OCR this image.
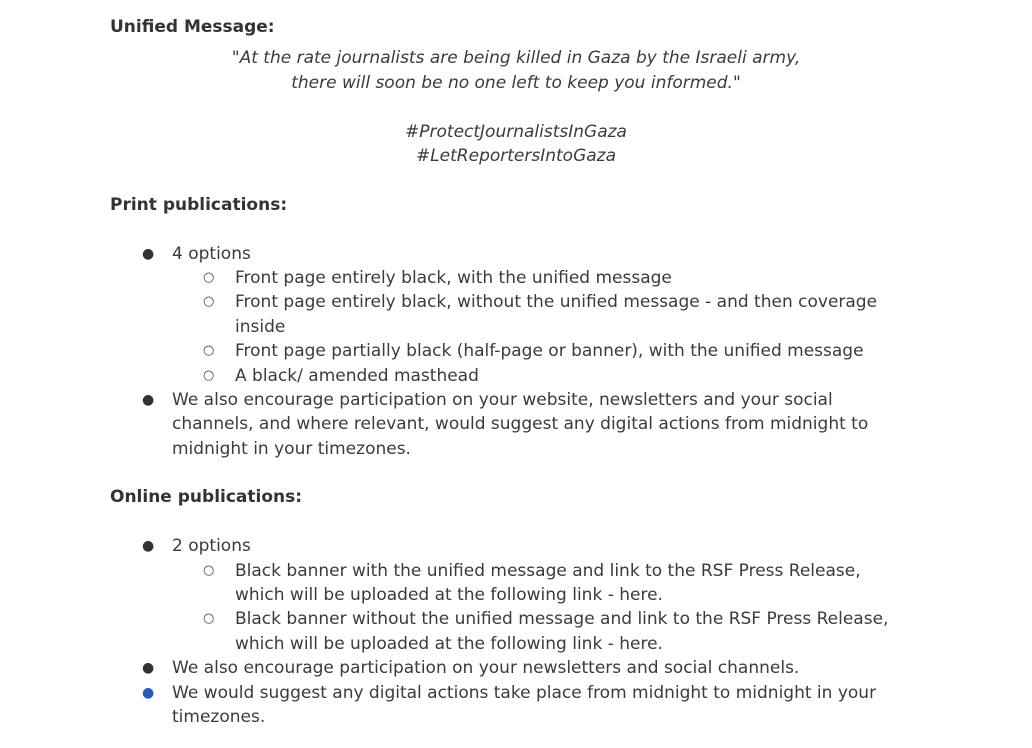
Unified Message:
"At the rate journalists are being killed in Gaza by the Israeli army,
there will soon be no one left to keep you informed."
#ProtectJournalistsInGaza
#LetReportersIntoGaza
Print publications:
● 4 options
○ Front page entirely black, with the unified message
○ Front page entirely black, without the unified message - and then coverage
inside
○ Front page partially black (half-page or banner), with the unified message
○ A black/ amended masthead
● We also encourage participation on your website, newsletters and your social
channels, and where relevant, would suggest any digital actions from midnight to
midnight in your timezones.
Online publications:
● 2 options
○ Black banner with the unified message and link to the RSF Press Release,
which will be uploaded at the following link - here.
○ Black banner without the unified message and link to the RSF Press Release,
which will be uploaded at the following link - here.
● We also encourage participation on your newsletters and social channels.
● We would suggest any digital actions take place from midnight to midnight in your
timezones.
